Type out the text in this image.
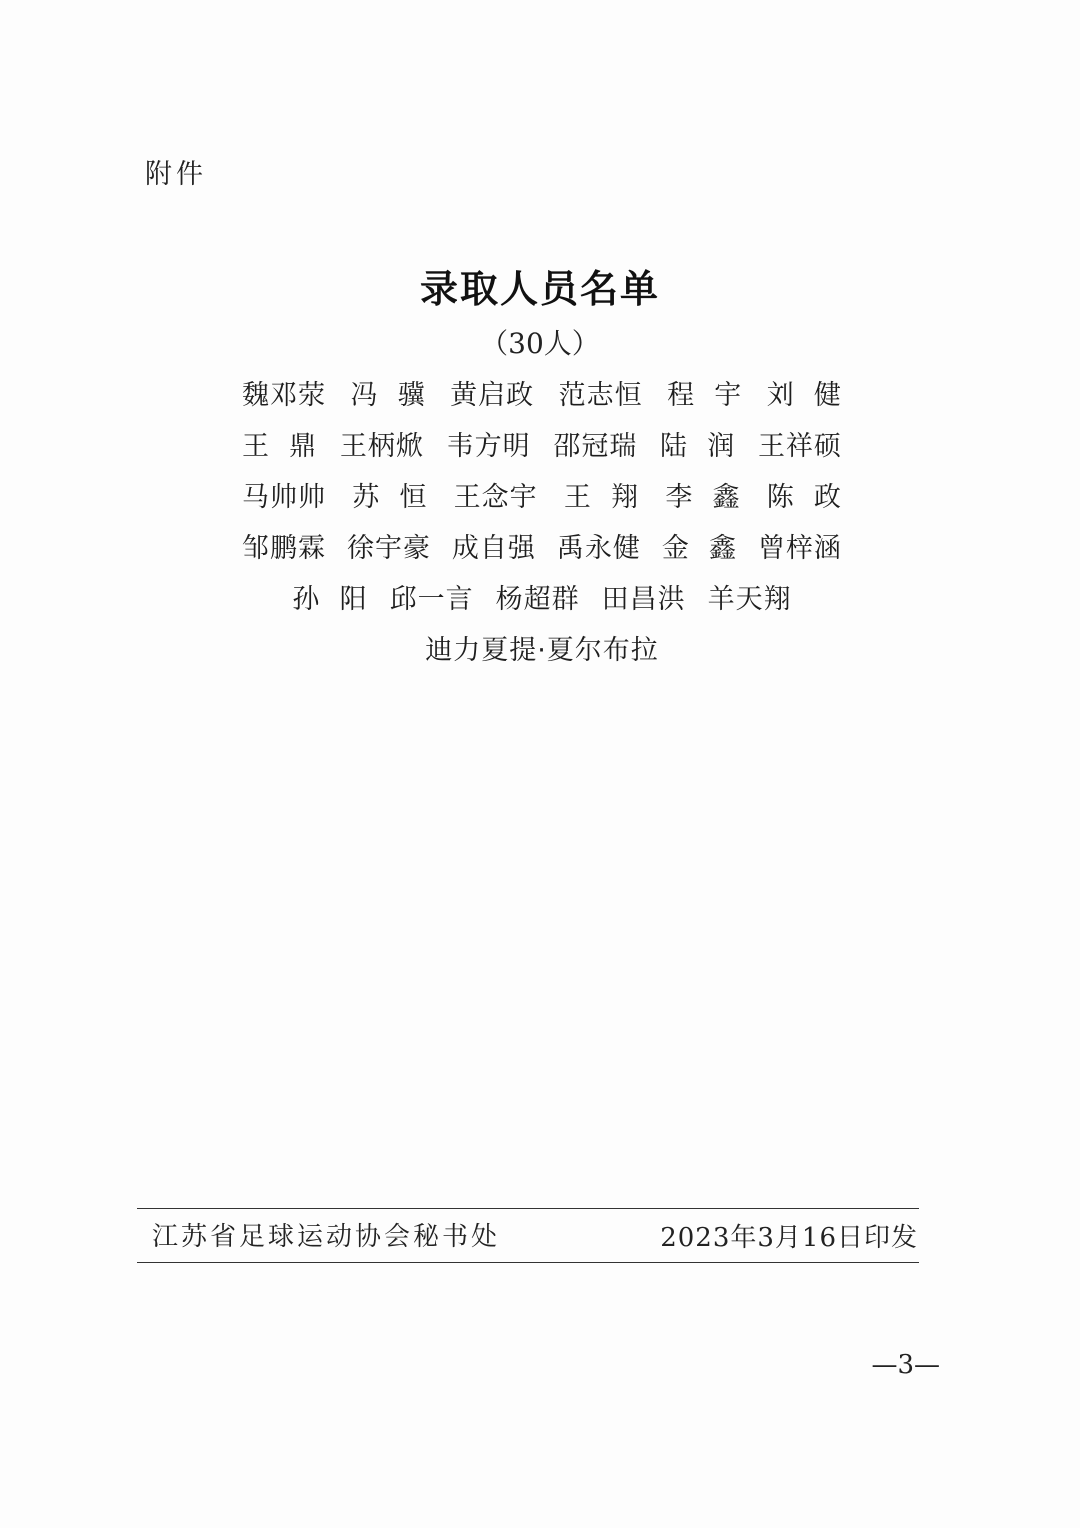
附件
录取人员名单
（30人）
魏邓荥 冯  骥 黄启政 范志恒 程  宇 刘  健
王  鼎 王柄焮 韦方明 邵冠瑞 陆  润 王祥硕
马帅帅 苏  恒 王念宇 王  翔 李  鑫 陈  政
邹鹏霖 徐宇豪 成自强 禹永健 金  鑫 曾梓涵
孙  阳 邱一言 杨超群 田昌洪 羊天翔
迪力夏提·夏尔布拉
江苏省足球运动协会秘书处	2023年3月16日印发
—3—
